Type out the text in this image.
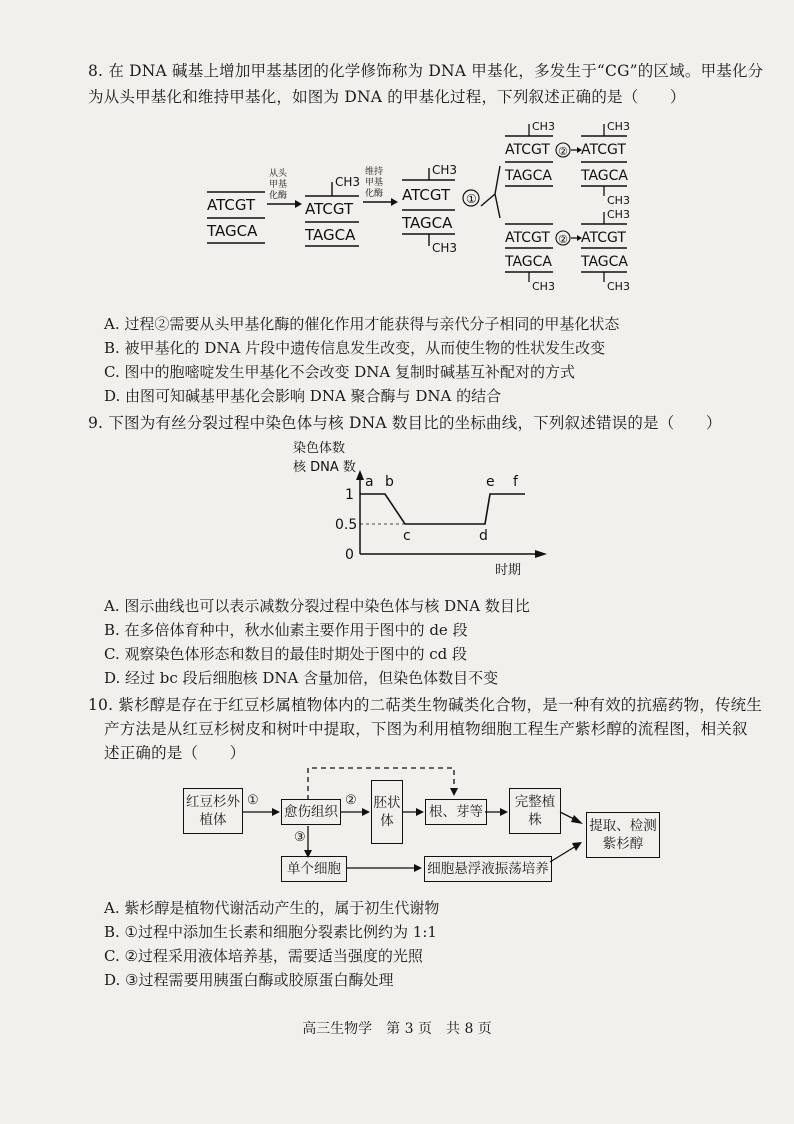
8. 在 DNA 碱基上增加甲基基团的化学修饰称为 DNA 甲基化，多发生于“CG”的区域。甲基化分
为从头甲基化和维持甲基化，如图为 DNA 的甲基化过程，下列叙述正确的是（　　）
ATCGT
TAGCA
从头
甲基
化酶
CH3
ATCGT
TAGCA
维持
甲基
化酶
CH3
ATCGT
TAGCA
CH3
①
CH3
ATCGT
TAGCA
②
CH3
ATCGT
TAGCA
CH3
ATCGT
TAGCA
CH3
②
CH3
ATCGT
TAGCA
CH3
A. 过程②需要从头甲基化酶的催化作用才能获得与亲代分子相同的甲基化状态
B. 被甲基化的 DNA 片段中遗传信息发生改变，从而使生物的性状发生改变
C. 图中的胞嘧啶发生甲基化不会改变 DNA 复制时碱基互补配对的方式
D. 由图可知碱基甲基化会影响 DNA 聚合酶与 DNA 的结合
9. 下图为有丝分裂过程中染色体与核 DNA 数目比的坐标曲线，下列叙述错误的是（　　）
染色体数
核 DNA 数
时期
1
0.5
0
a b
c	d
e f
A. 图示曲线也可以表示减数分裂过程中染色体与核 DNA 数目比
B. 在多倍体育种中，秋水仙素主要作用于图中的 de 段
C. 观察染色体形态和数目的最佳时期处于图中的 cd 段
D. 经过 bc 段后细胞核 DNA 含量加倍，但染色体数目不变
10. 紫杉醇是存在于红豆杉属植物体内的二萜类生物碱类化合物，是一种有效的抗癌药物，传统生
产方法是从红豆杉树皮和树叶中提取，下图为利用植物细胞工程生产紫杉醇的流程图，相关叙
述正确的是（　　）
红豆杉外植体	愈伤组织
胚状体
根、芽等
完整植株	提取、检测紫杉醇
单个细胞	细胞悬浮液振荡培养
①	②
③
A. 紫杉醇是植物代谢活动产生的，属于初生代谢物
B. ①过程中添加生长素和细胞分裂素比例约为 1:1
C. ②过程采用液体培养基，需要适当强度的光照
D. ③过程需要用胰蛋白酶或胶原蛋白酶处理
高三生物学　第 3 页　共 8 页
